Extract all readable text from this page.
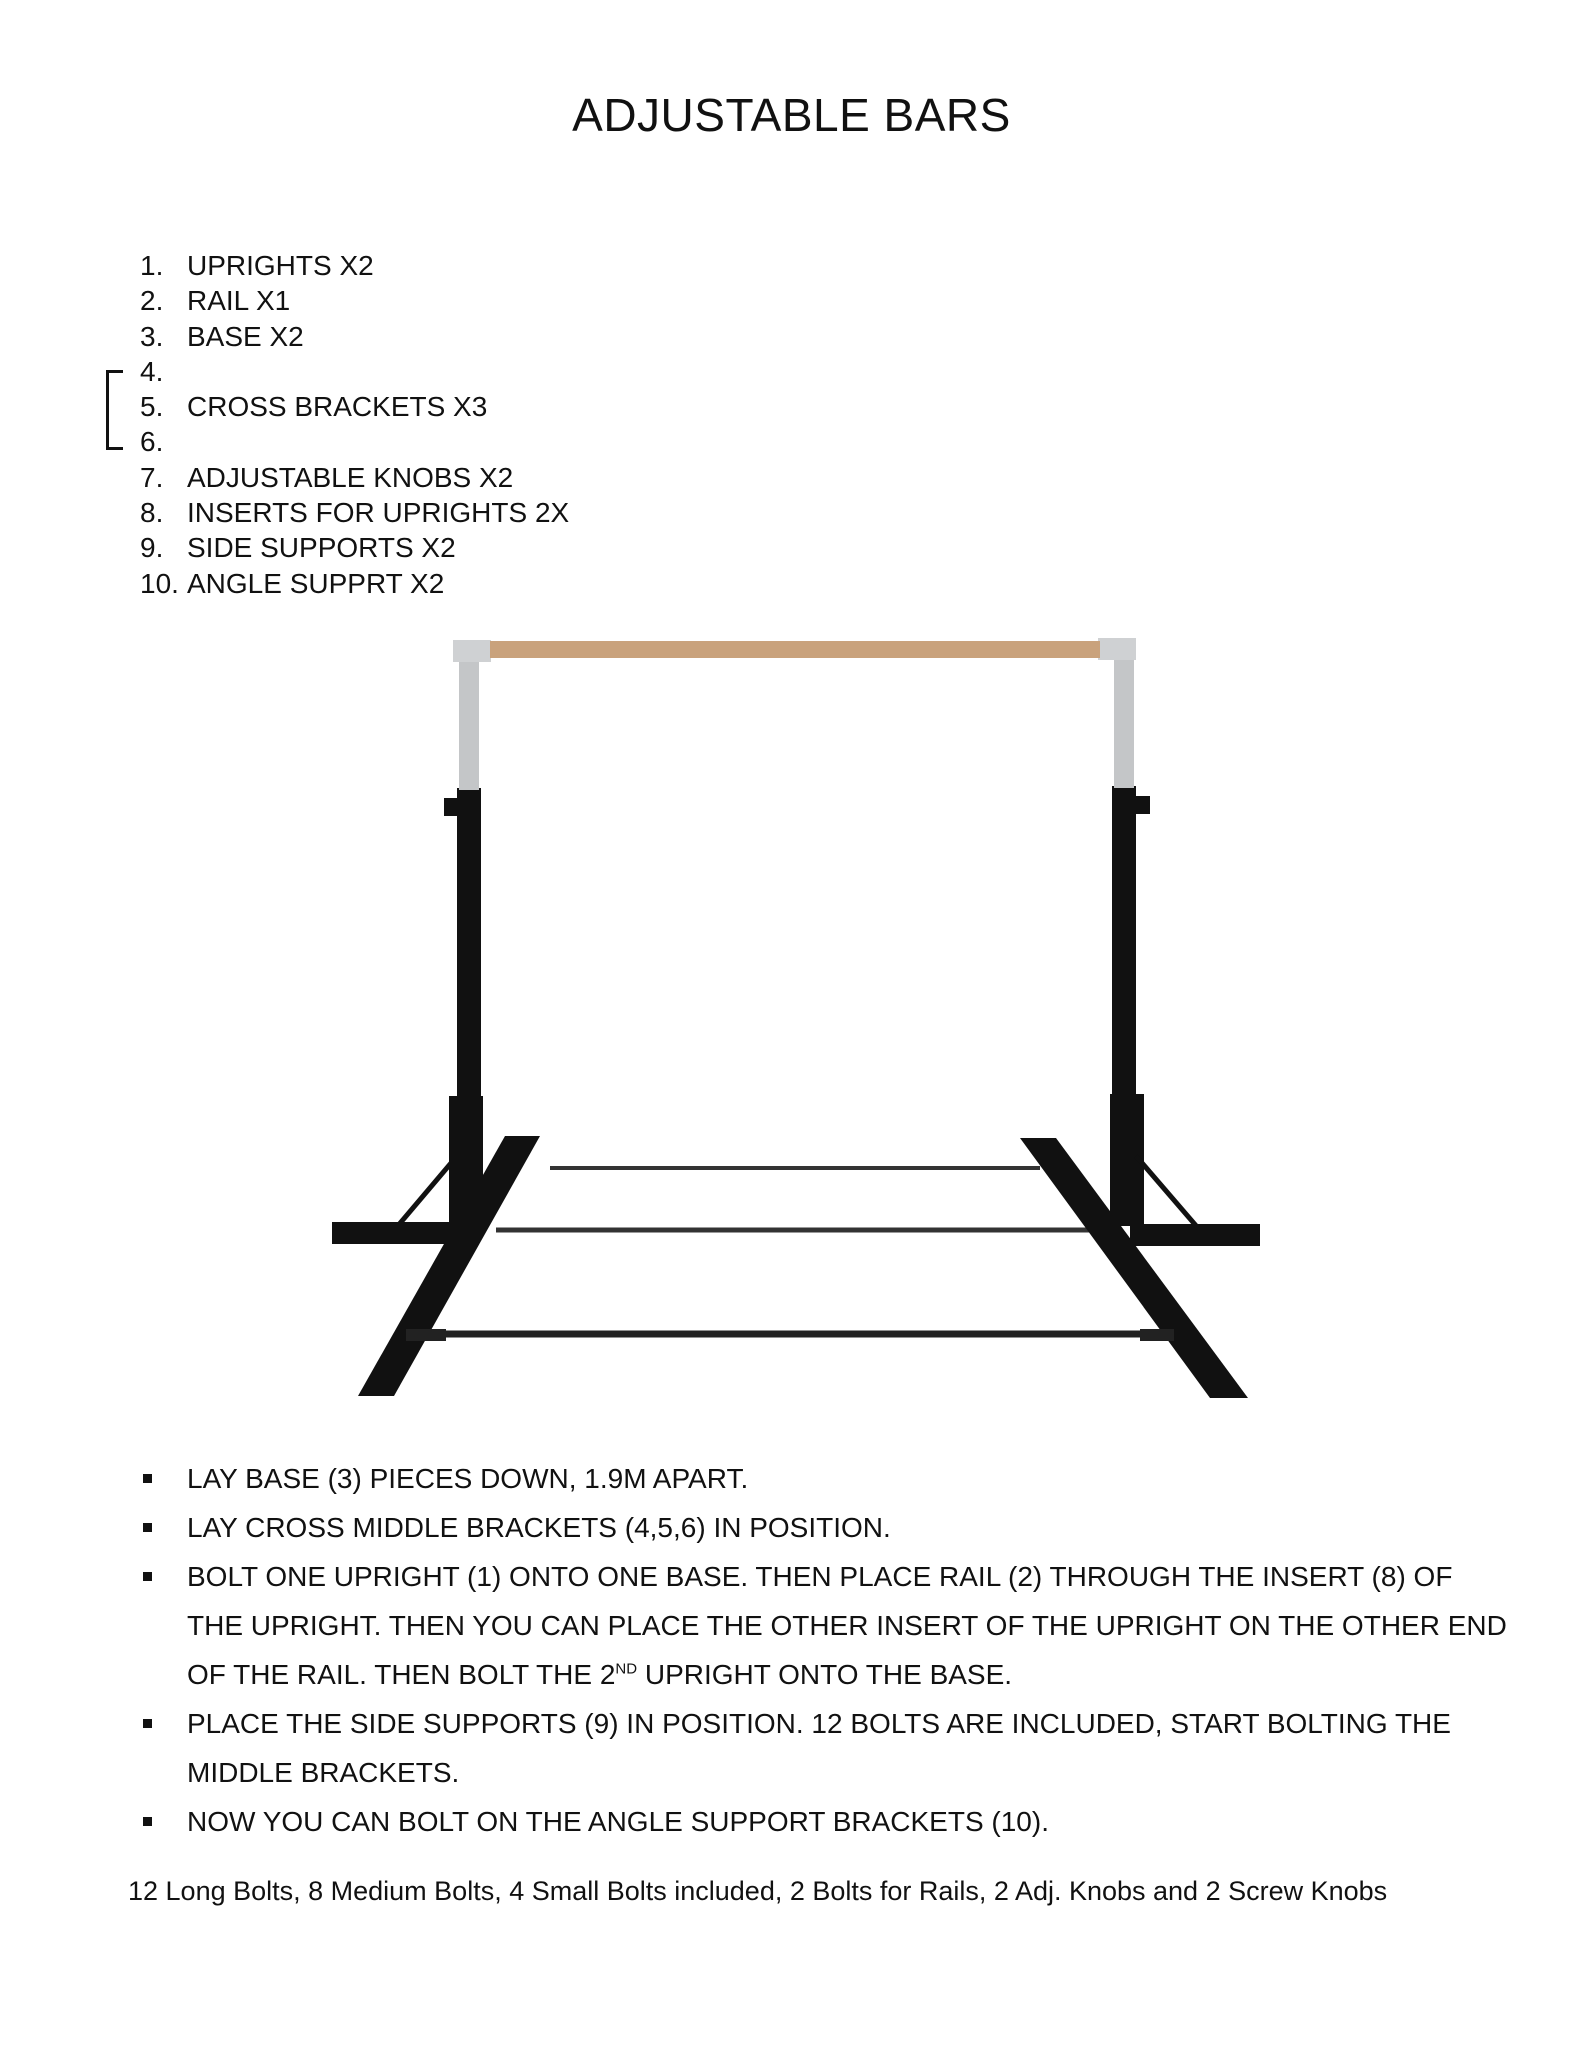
ADJUSTABLE BARS
1. UPRIGHTS X2
2. RAIL X1
3. BASE X2
4.
5. CROSS BRACKETS X3
6.
7. ADJUSTABLE KNOBS X2
8. INSERTS FOR UPRIGHTS 2X
9. SIDE SUPPORTS X2
10. ANGLE SUPPRT X2
LAY BASE (3) PIECES DOWN, 1.9M APART.
LAY CROSS MIDDLE BRACKETS (4,5,6) IN POSITION.
BOLT ONE UPRIGHT (1) ONTO ONE BASE. THEN PLACE RAIL (2) THROUGH THE INSERT (8) OF THE UPRIGHT. THEN YOU CAN PLACE THE OTHER INSERT OF THE UPRIGHT ON THE OTHER END OF THE RAIL. THEN BOLT THE 2ND UPRIGHT ONTO THE BASE.
PLACE THE SIDE SUPPORTS (9) IN POSITION. 12 BOLTS ARE INCLUDED, START BOLTING THE MIDDLE BRACKETS.
NOW YOU CAN BOLT ON THE ANGLE SUPPORT BRACKETS (10).
12 Long Bolts, 8 Medium Bolts, 4 Small Bolts included, 2 Bolts for Rails, 2 Adj. Knobs and 2 Screw Knobs
